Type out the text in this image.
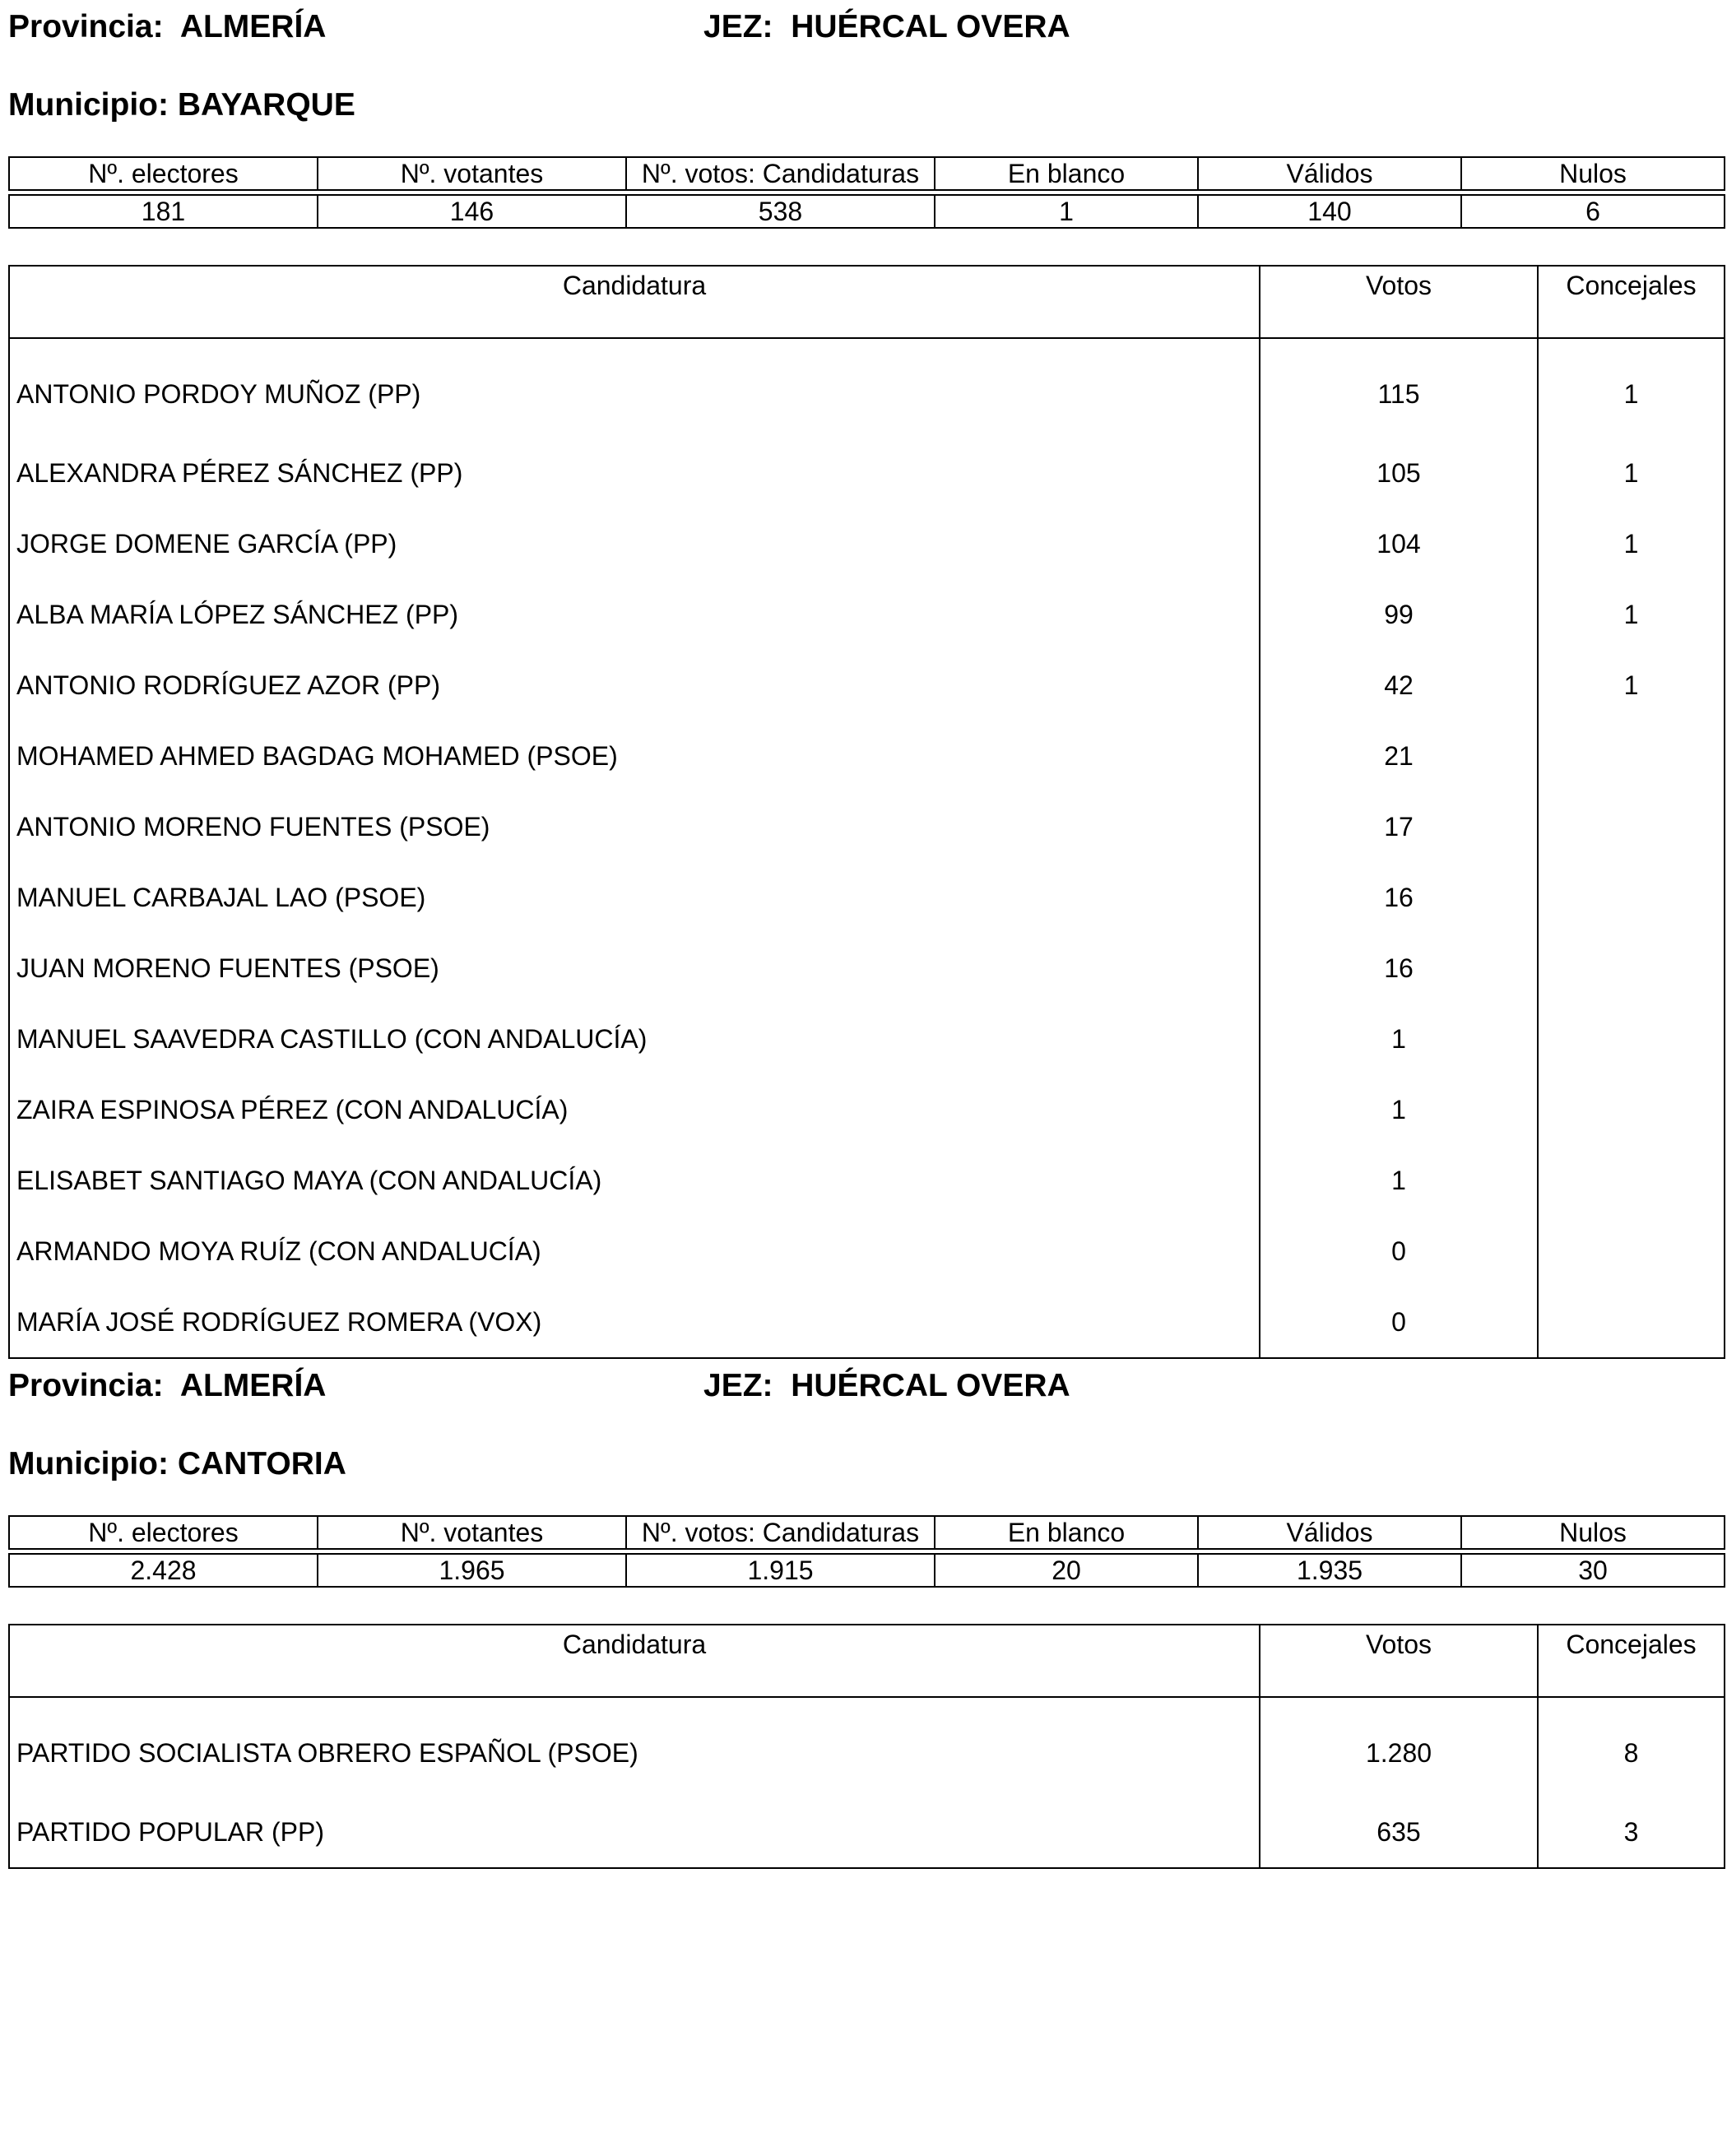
Provincia: ALMERÍA	JEZ: HUÉRCAL OVERA
Municipio: BAYARQUE
Nº. electores	Nº. votantes	Nº. votos: Candidaturas	En blanco	Válidos	Nulos

181	146	538	1	140	6
Candidatura	Votos	Concejales
ANTONIO PORDOY MUÑOZ (PP)	115	1
ALEXANDRA PÉREZ SÁNCHEZ (PP)	105	1
JORGE DOMENE GARCÍA (PP)	104	1
ALBA MARÍA LÓPEZ SÁNCHEZ (PP)	99	1
ANTONIO RODRÍGUEZ AZOR (PP)	42	1
MOHAMED AHMED BAGDAG MOHAMED (PSOE)	21	
ANTONIO MORENO FUENTES (PSOE)	17	
MANUEL CARBAJAL LAO (PSOE)	16	
JUAN MORENO FUENTES (PSOE)	16	
MANUEL SAAVEDRA CASTILLO (CON ANDALUCÍA)	1	
ZAIRA ESPINOSA PÉREZ (CON ANDALUCÍA)	1	
ELISABET SANTIAGO MAYA (CON ANDALUCÍA)	1	
ARMANDO MOYA RUÍZ (CON ANDALUCÍA)	0	
MARÍA JOSÉ RODRÍGUEZ ROMERA (VOX)	0	
Provincia: ALMERÍA	JEZ: HUÉRCAL OVERA
Municipio: CANTORIA
Nº. electores	Nº. votantes	Nº. votos: Candidaturas	En blanco	Válidos	Nulos

2.428	1.965	1.915	20	1.935	30
Candidatura	Votos	Concejales
PARTIDO SOCIALISTA OBRERO ESPAÑOL (PSOE)	1.280	8
PARTIDO POPULAR (PP)	635	3
